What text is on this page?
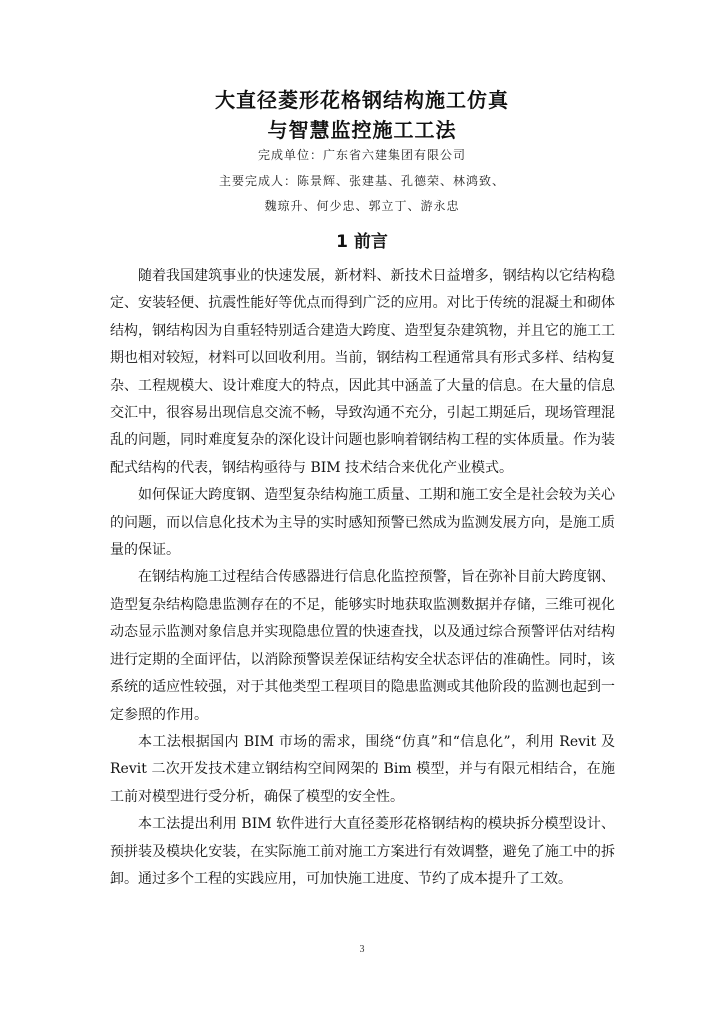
大直径菱形花格钢结构施工仿真
与智慧监控施工工法
完成单位：广东省六建集团有限公司
主要完成人：陈景辉、张建基、孔德荣、林鸿致、
魏琼升、何少忠、郭立丁、游永忠
1 前言

随着我国建筑事业的快速发展，新材料、新技术日益增多，钢结构以它结构稳定、安装轻便、抗震性能好等优点而得到广泛的应用。对比于传统的混凝土和砌体结构，钢结构因为自重轻特别适合建造大跨度、造型复杂建筑物，并且它的施工工期也相对较短，材料可以回收利用。当前，钢结构工程通常具有形式多样、结构复杂、工程规模大、设计难度大的特点，因此其中涵盖了大量的信息。在大量的信息交汇中，很容易出现信息交流不畅，导致沟通不充分，引起工期延后，现场管理混乱的问题，同时难度复杂的深化设计问题也影响着钢结构工程的实体质量。作为装配式结构的代表，钢结构亟待与 BIM 技术结合来优化产业模式。

如何保证大跨度钢、造型复杂结构施工质量、工期和施工安全是社会较为关心的问题，而以信息化技术为主导的实时感知预警已然成为监测发展方向，是施工质量的保证。

在钢结构施工过程结合传感器进行信息化监控预警，旨在弥补目前大跨度钢、造型复杂结构隐患监测存在的不足，能够实时地获取监测数据并存储，三维可视化动态显示监测对象信息并实现隐患位置的快速查找，以及通过综合预警评估对结构进行定期的全面评估，以消除预警误差保证结构安全状态评估的准确性。同时，该系统的适应性较强，对于其他类型工程项目的隐患监测或其他阶段的监测也起到一定参照的作用。

本工法根据国内 BIM 市场的需求，围绕“仿真”和“信息化”，利用 Revit 及 Revit 二次开发技术建立钢结构空间网架的 Bim 模型，并与有限元相结合，在施工前对模型进行受分析，确保了模型的安全性。

本工法提出利用 BIM 软件进行大直径菱形花格钢结构的模块拆分模型设计、预拼装及模块化安装，在实际施工前对施工方案进行有效调整，避免了施工中的拆卸。通过多个工程的实践应用，可加快施工进度、节约了成本提升了工效。

3
